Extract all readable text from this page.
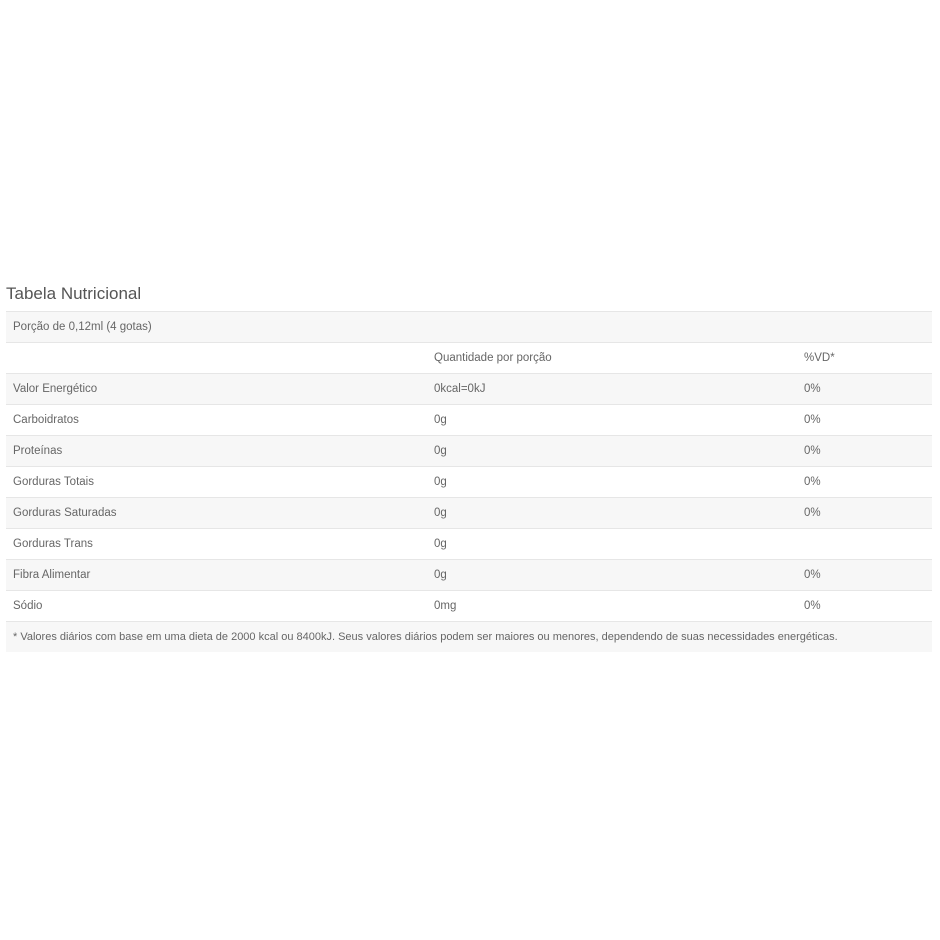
Tabela Nutricional
Porção de 0,12ml (4 gotas)		
	Quantidade por porção	%VD*
Valor Energético	0kcal=0kJ	0%
Carboidratos	0g	0%
Proteínas	0g	0%
Gorduras Totais	0g	0%
Gorduras Saturadas	0g	0%
Gorduras Trans	0g	
Fibra Alimentar	0g	0%
Sódio	0mg	0%
* Valores diários com base em uma dieta de 2000 kcal ou 8400kJ. Seus valores diários podem ser maiores ou menores, dependendo de suas necessidades energéticas.		
